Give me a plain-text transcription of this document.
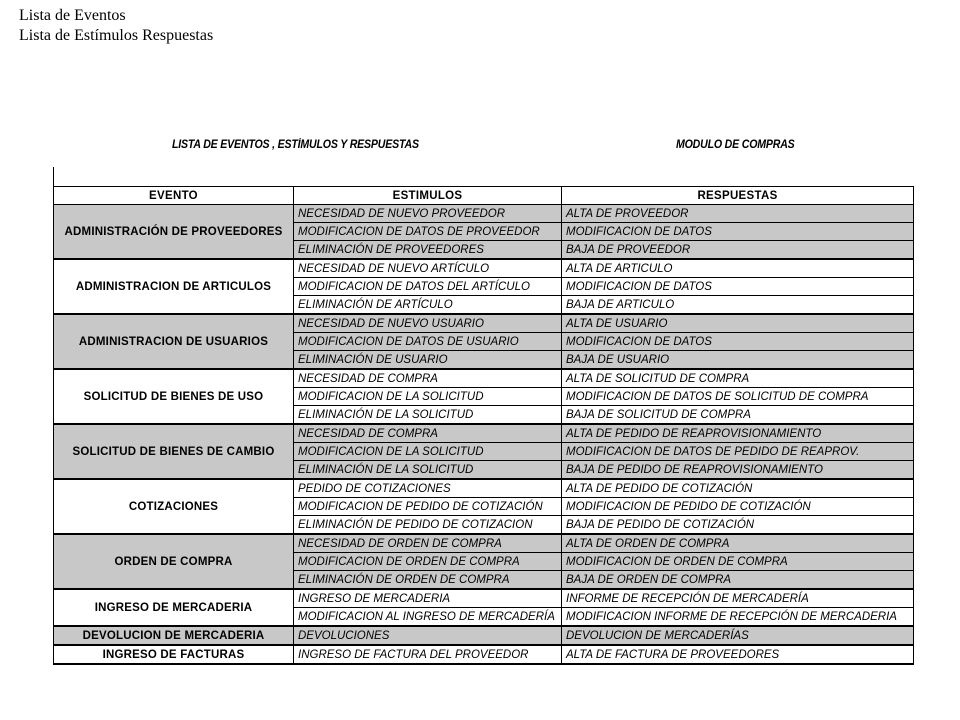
Lista de Eventos
Lista de Estímulos Respuestas
LISTA DE EVENTOS , ESTÍMULOS Y RESPUESTAS	MODULO DE COMPRAS
EVENTO	ESTIMULOS	RESPUESTAS
ADMINISTRACIÓN DE PROVEEDORES	NECESIDAD DE NUEVO PROVEEDOR	ALTA DE PROVEEDOR
	MODIFICACION DE DATOS DE PROVEEDOR	MODIFICACION DE DATOS
	ELIMINACIÓN DE PROVEEDORES	BAJA DE PROVEEDOR
ADMINISTRACION DE ARTICULOS	NECESIDAD DE NUEVO ARTÍCULO	ALTA DE ARTICULO
	MODIFICACION DE DATOS DEL ARTÍCULO	MODIFICACION DE DATOS
	ELIMINACIÓN DE ARTÍCULO	BAJA DE ARTICULO
ADMINISTRACION DE USUARIOS	NECESIDAD DE NUEVO USUARIO	ALTA DE USUARIO
	MODIFICACION DE DATOS DE USUARIO	MODIFICACION DE DATOS
	ELIMINACIÓN DE USUARIO	BAJA DE USUARIO
SOLICITUD DE BIENES DE USO	NECESIDAD DE COMPRA	ALTA DE SOLICITUD DE COMPRA
	MODIFICACION DE LA SOLICITUD	MODIFICACION DE DATOS DE SOLICITUD DE COMPRA
	ELIMINACIÓN DE LA SOLICITUD	BAJA DE SOLICITUD DE COMPRA
SOLICITUD DE BIENES DE CAMBIO	NECESIDAD DE COMPRA	ALTA DE PEDIDO DE REAPROVISIONAMIENTO
	MODIFICACION DE LA SOLICITUD	MODIFICACION DE DATOS DE PEDIDO DE REAPROV.
	ELIMINACIÓN DE LA SOLICITUD	BAJA DE PEDIDO DE REAPROVISIONAMIENTO
COTIZACIONES	PEDIDO DE COTIZACIONES	ALTA DE PEDIDO DE COTIZACIÓN
	MODIFICACION DE PEDIDO DE COTIZACIÓN	MODIFICACION DE PEDIDO DE COTIZACIÓN
	ELIMINACIÓN DE PEDIDO DE COTIZACION	BAJA DE PEDIDO DE COTIZACIÓN
ORDEN DE COMPRA	NECESIDAD DE ORDEN DE COMPRA	ALTA DE ORDEN DE COMPRA
	MODIFICACION DE ORDEN DE COMPRA	MODIFICACION DE ORDEN DE COMPRA
	ELIMINACIÓN DE ORDEN DE COMPRA	BAJA DE ORDEN DE COMPRA
INGRESO DE MERCADERIA	INGRESO DE MERCADERIA	INFORME DE RECEPCIÓN DE MERCADERÍA
	MODIFICACION AL INGRESO DE MERCADERÍA	MODIFICACION INFORME DE RECEPCIÓN DE MERCADERIA
DEVOLUCION DE MERCADERIA	DEVOLUCIONES	DEVOLUCION DE MERCADERÍAS
INGRESO DE FACTURAS	INGRESO DE FACTURA DEL PROVEEDOR	ALTA DE FACTURA DE PROVEEDORES
